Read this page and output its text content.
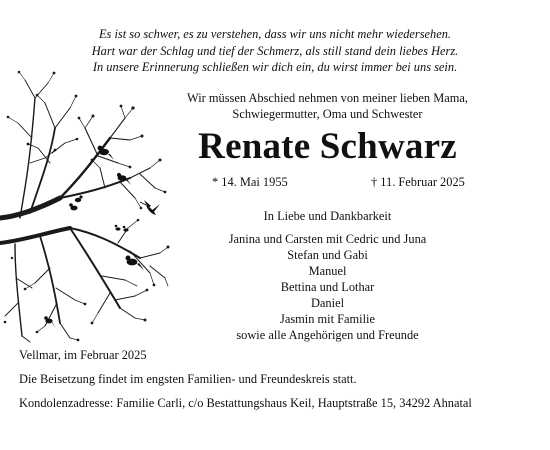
Es ist so schwer, es zu verstehen, dass wir uns nicht mehr wiedersehen.
Hart war der Schlag und tief der Schmerz, als still stand dein liebes Herz.
In unsere Erinnerung schließen wir dich ein, du wirst immer bei uns sein.
Wir müssen Abschied nehmen von meiner lieben Mama,
Schwiegermutter, Oma und Schwester
Renate Schwarz
* 14. Mai 1955	† 11. Februar 2025
In Liebe und Dankbarkeit
Janina und Carsten mit Cedric und Juna
Stefan und Gabi
Manuel
Bettina und Lothar
Daniel
Jasmin mit Familie
sowie alle Angehörigen und Freunde
Vellmar, im Februar 2025
Die Beisetzung findet im engsten Familien- und Freundeskreis statt.
Kondolenzadresse: Familie Carli, c/o Bestattungshaus Keil, Hauptstraße 15, 34292 Ahnatal
